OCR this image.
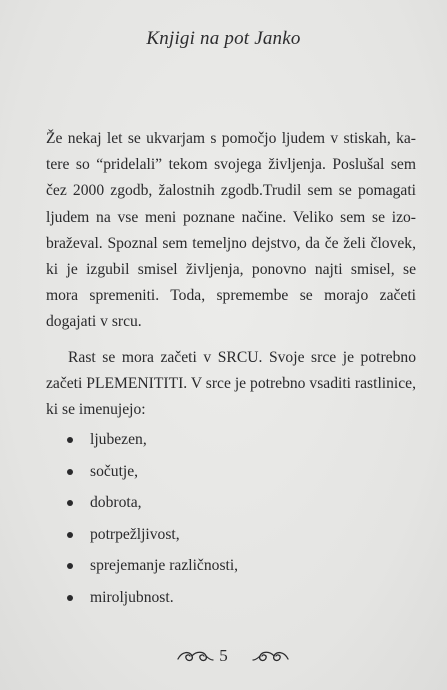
Knjigi na pot Janko

Že nekaj let se ukvarjam s pomočjo ljudem v stiskah, katere so “pridelali” tekom svojega življenja. Poslušal sem čez 2000 zgodb, žalostnih zgodb.Trudil sem se pomagati ljudem na vse meni poznane načine. Veliko sem se izobraževal. Spoznal sem temeljno dejstvo, da če želi človek, ki je izgubil smisel življenja, ponovno najti smisel, se mora spremeniti. Toda, spremembe se morajo začeti dogajati v srcu.

Rast se mora začeti v SRCU. Svoje srce je potrebno začeti PLEMENITITI. V srce je potrebno vsaditi rastlinice, ki se imenujejo:

ljubezen,
sočutje,
dobrota,
potrpežljivost,
sprejemanje različnosti,
miroljubnost.
5
